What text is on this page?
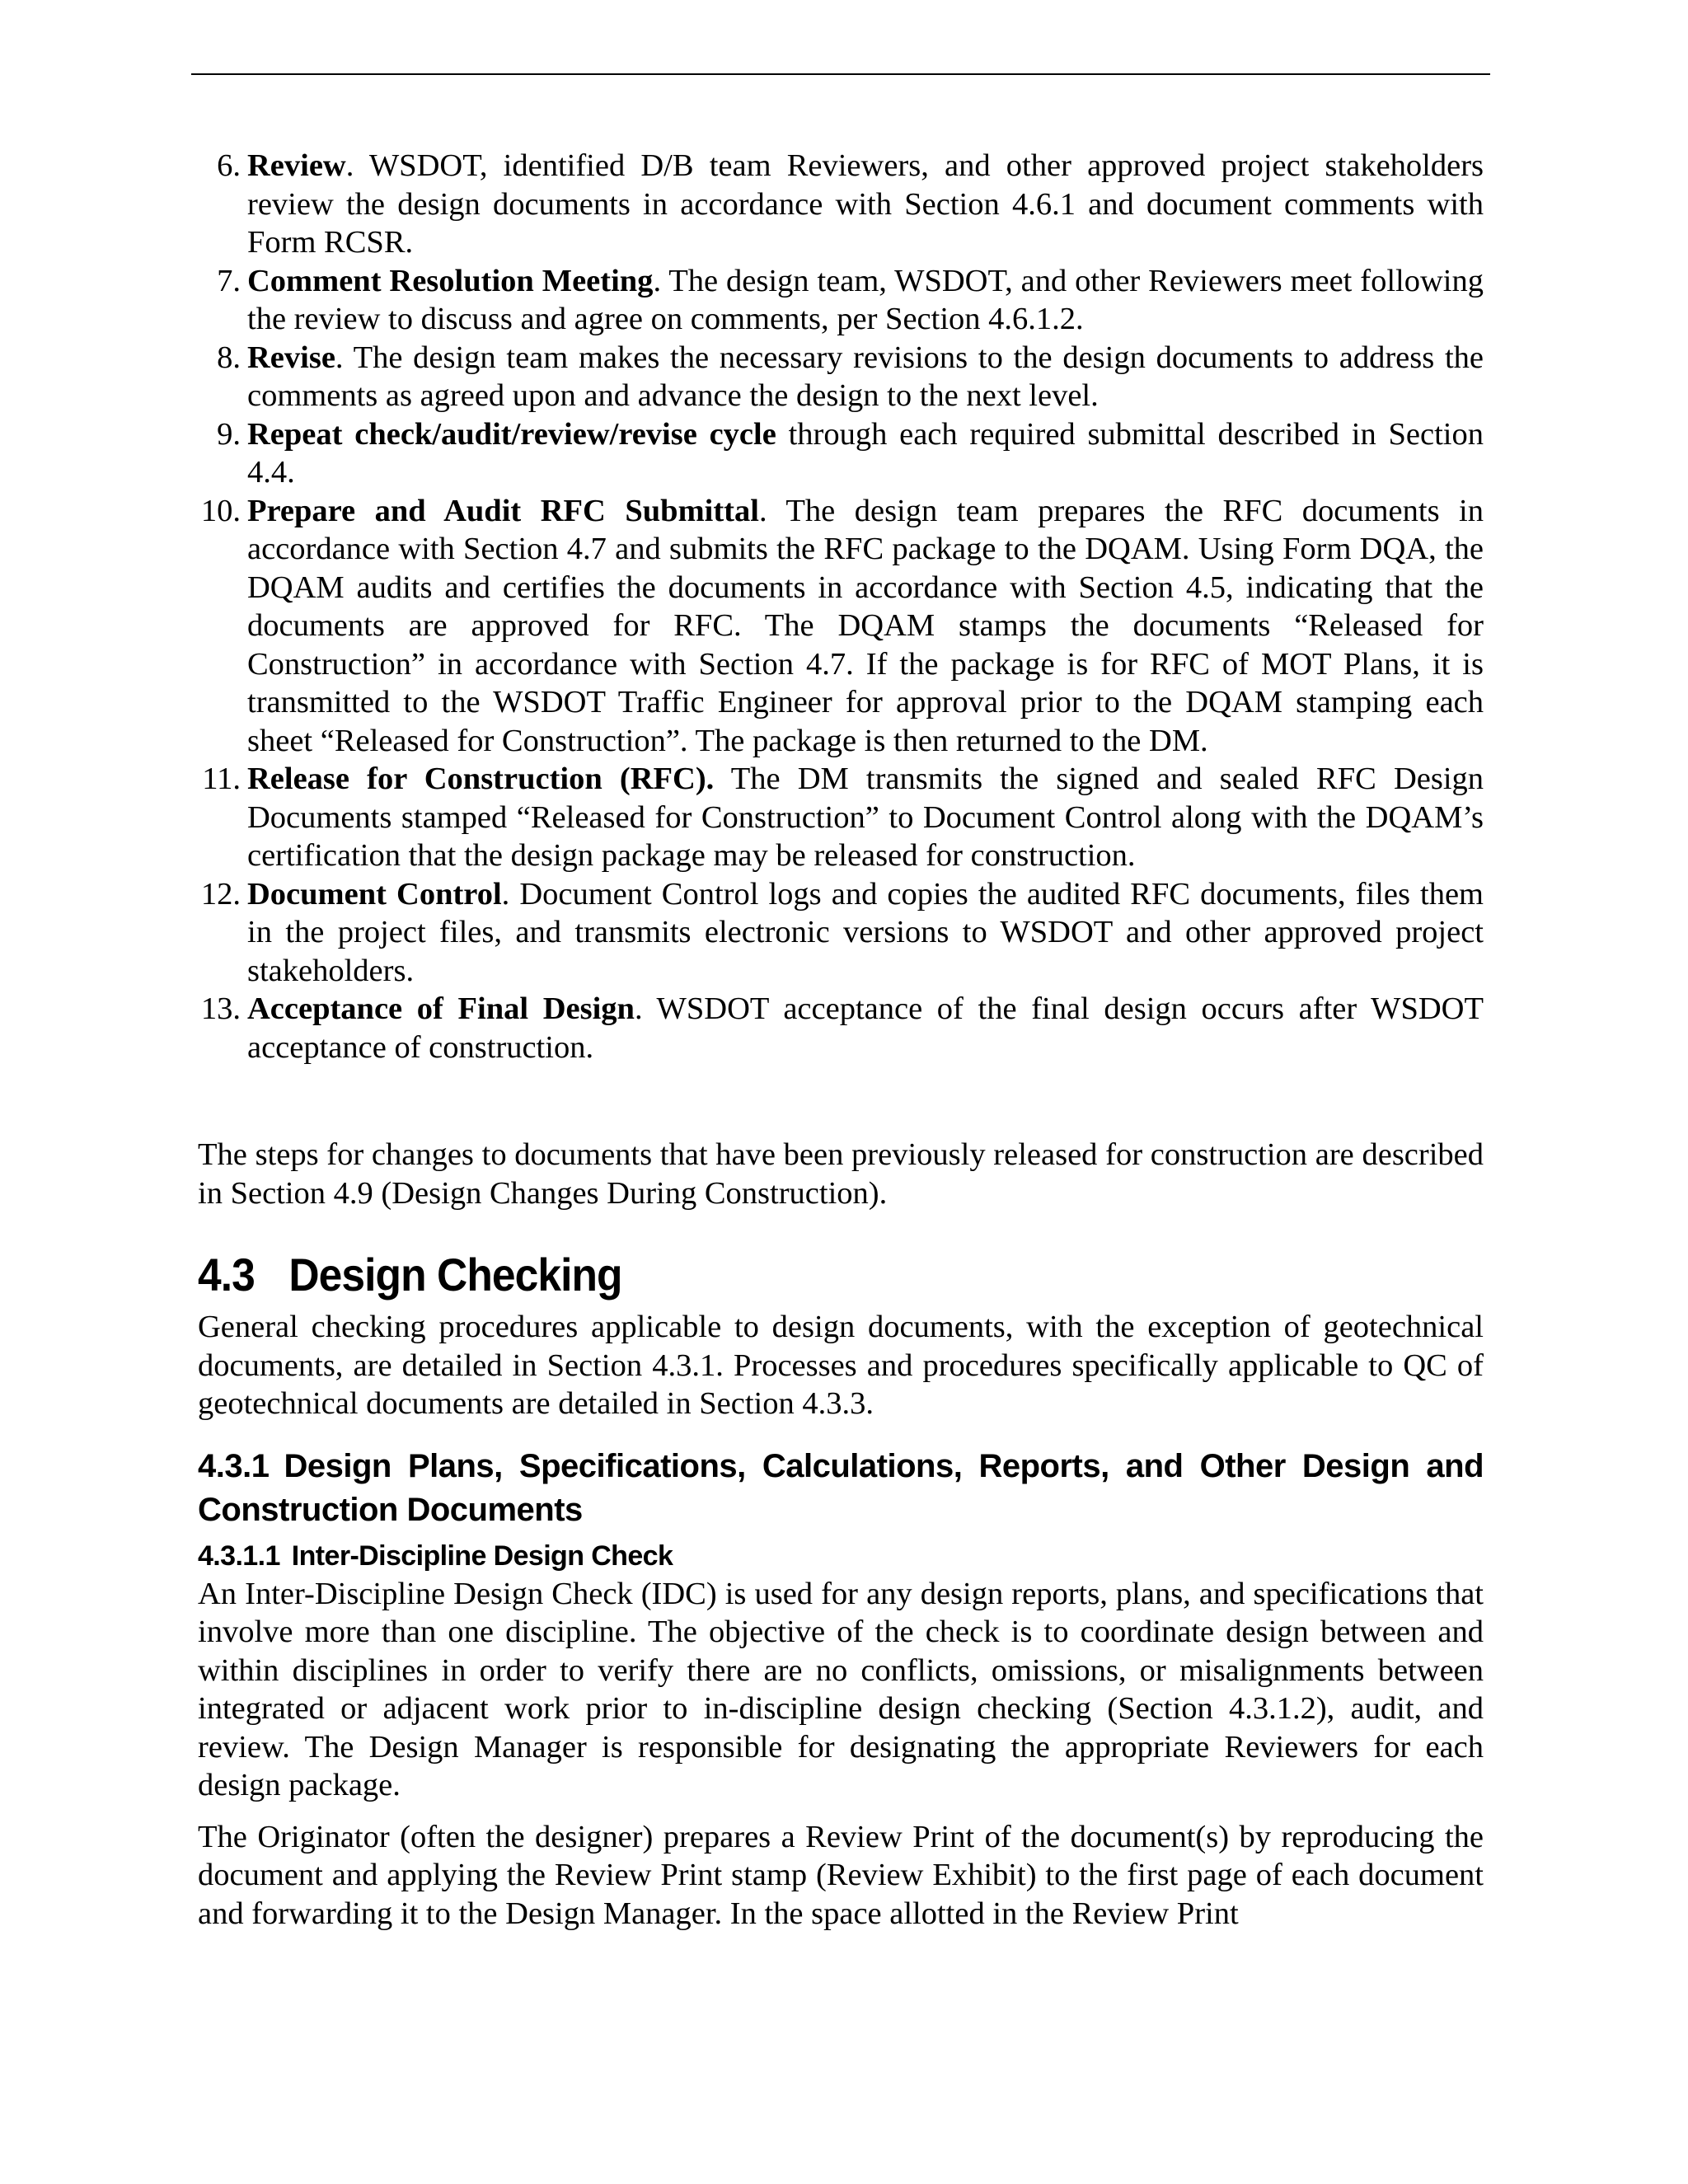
6. Review. WSDOT, identified D/B team Reviewers, and other approved project stakeholders review the design documents in accordance with Section 4.6.1 and document comments with Form RCSR.
7. Comment Resolution Meeting. The design team, WSDOT, and other Reviewers meet following the review to discuss and agree on comments, per Section 4.6.1.2.
8. Revise. The design team makes the necessary revisions to the design documents to address the comments as agreed upon and advance the design to the next level.
9. Repeat check/audit/review/revise cycle through each required submittal described in Section 4.4.
10. Prepare and Audit RFC Submittal. The design team prepares the RFC documents in accordance with Section 4.7 and submits the RFC package to the DQAM. Using Form DQA, the DQAM audits and certifies the documents in accordance with Section 4.5, indicating that the documents are approved for RFC. The DQAM stamps the documents “Released for Construction” in accordance with Section 4.7. If the package is for RFC of MOT Plans, it is transmitted to the WSDOT Traffic Engineer for approval prior to the DQAM stamping each sheet “Released for Construction”. The package is then returned to the DM.
11. Release for Construction (RFC). The DM transmits the signed and sealed RFC Design Documents stamped “Released for Construction” to Document Control along with the DQAM’s certification that the design package may be released for construction.
12. Document Control. Document Control logs and copies the audited RFC documents, files them in the project files, and transmits electronic versions to WSDOT and other approved project stakeholders.
13. Acceptance of Final Design. WSDOT acceptance of the final design occurs after WSDOT acceptance of construction.

The steps for changes to documents that have been previously released for construction are described in Section 4.9 (Design Changes During Construction).

4.3 Design Checking

General checking procedures applicable to design documents, with the exception of geotechnical documents, are detailed in Section 4.3.1. Processes and procedures specifically applicable to QC of geotechnical documents are detailed in Section 4.3.3.

4.3.1 Design Plans, Specifications, Calculations, Reports, and Other Design and Construction Documents
4.3.1.1 Inter-Discipline Design Check

An Inter-Discipline Design Check (IDC) is used for any design reports, plans, and specifications that involve more than one discipline. The objective of the check is to coordinate design between and within disciplines in order to verify there are no conflicts, omissions, or misalignments between integrated or adjacent work prior to in-discipline design checking (Section 4.3.1.2), audit, and review. The Design Manager is responsible for designating the appropriate Reviewers for each design package.

The Originator (often the designer) prepares a Review Print of the document(s) by reproducing the document and applying the Review Print stamp (Review Exhibit) to the first page of each document and forwarding it to the Design Manager. In the space allotted in the Review Print
